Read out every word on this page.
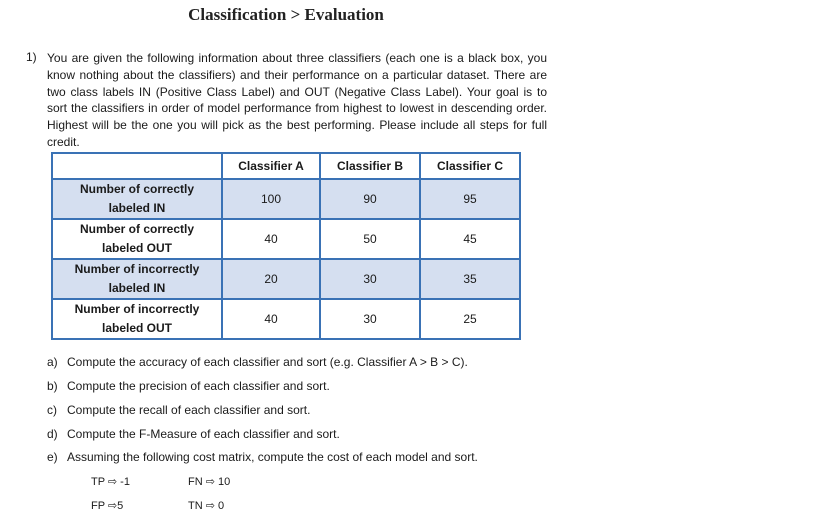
Classification > Evaluation
1) You are given the following information about three classifiers (each one is a black box, you know nothing about the classifiers) and their performance on a particular dataset. There are two class labels IN (Positive Class Label) and OUT (Negative Class Label). Your goal is to sort the classifiers in order of model performance from highest to lowest in descending order. Highest will be the one you will pick as the best performing. Please include all steps for full credit.

	Classifier A	Classifier B	Classifier C
Number of correctly
labeled IN	100	90	95
Number of correctly
labeled OUT	40	50	45
Number of incorrectly
labeled IN	20	30	35
Number of incorrectly
labeled OUT	40	30	25
a) Compute the accuracy of each classifier and sort (e.g. Classifier A > B > C).
b) Compute the precision of each classifier and sort.
c) Compute the recall of each classifier and sort.
d) Compute the F-Measure of each classifier and sort.
e) Assuming the following cost matrix, compute the cost of each model and sort.
TP ⇨ -1	FN ⇨ 10
FP ⇨5	TN ⇨ 0
